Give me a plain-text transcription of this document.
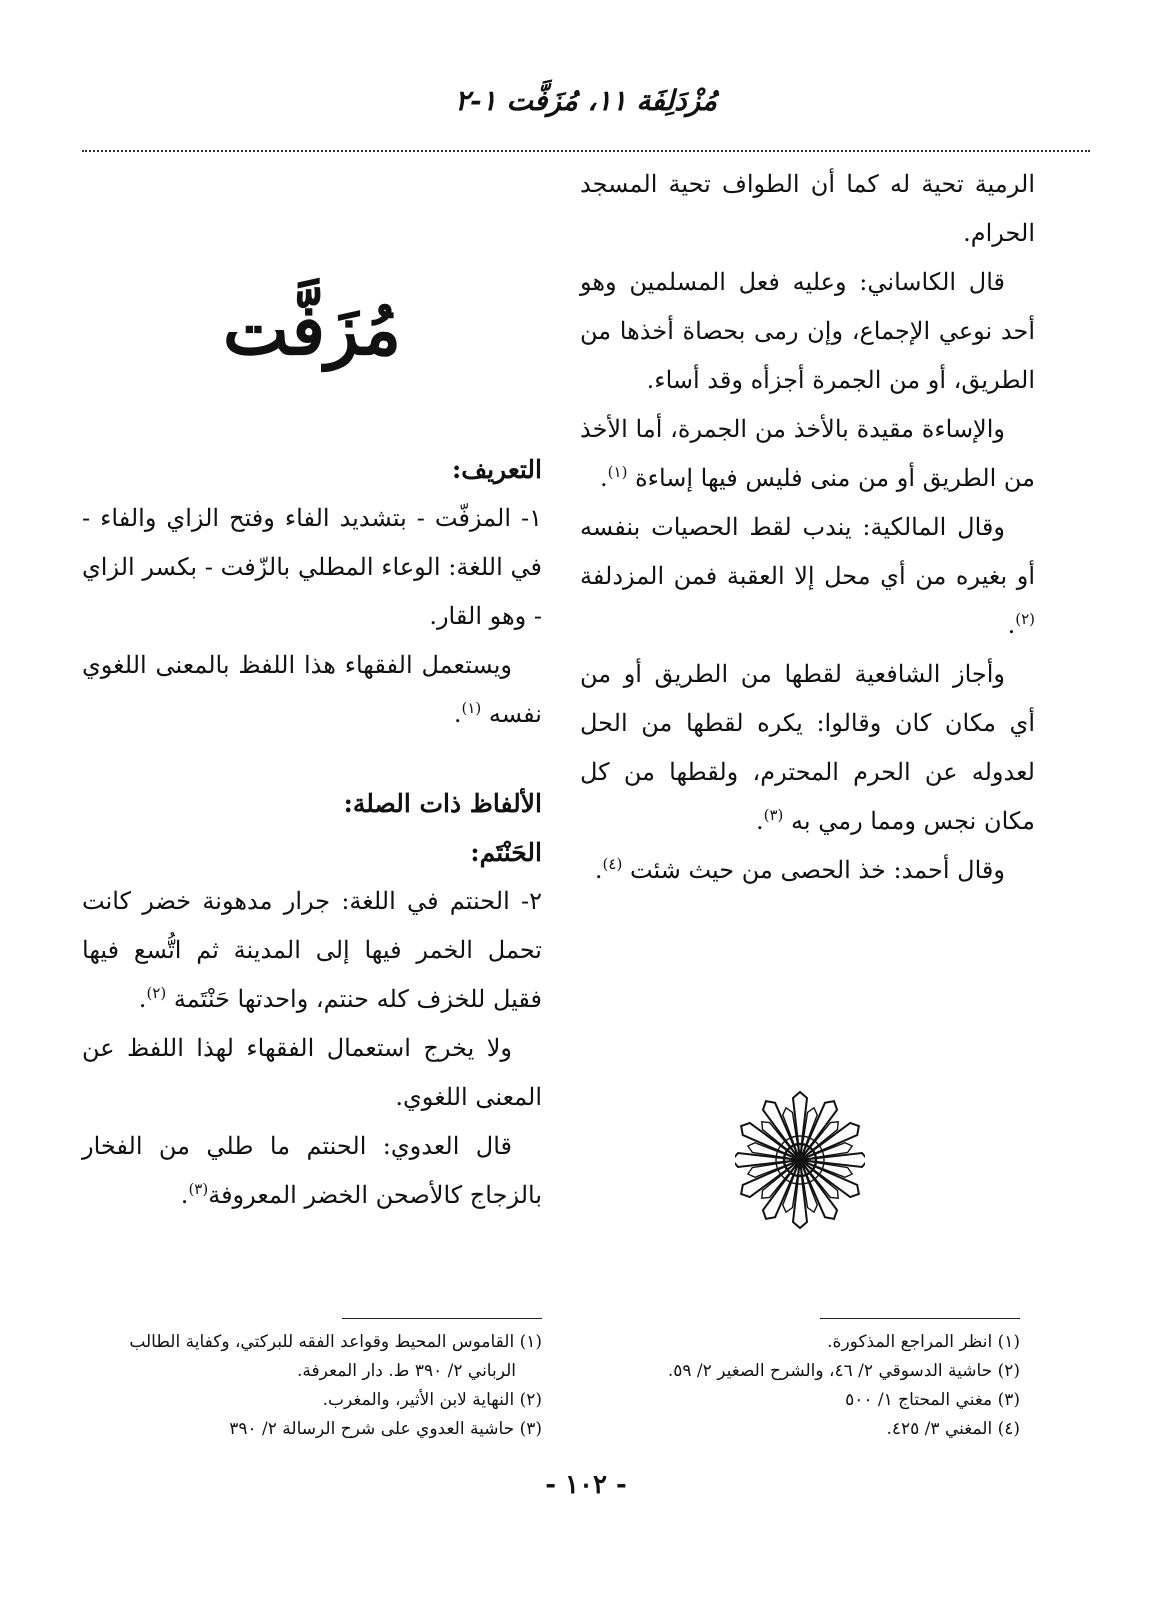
مُزْدَلِفَة ١١، مُزَفَّت ١-٢

الرمية تحية له كما أن الطواف تحية المسجد الحرام.

قال الكاساني: وعليه فعل المسلمين وهو أحد نوعي الإجماع، وإن رمى بحصاة أخذها من الطريق، أو من الجمرة أجزأه وقد أساء.

والإساءة مقيدة بالأخذ من الجمرة، أما الأخذ من الطريق أو من منى فليس فيها إساءة $^{(١)}$.

وقال المالكية: يندب لقط الحصيات بنفسه أو بغيره من أي محل إلا العقبة فمن المزدلفة $^{(٢)}$.

وأجاز الشافعية لقطها من الطريق أو من أي مكان كان وقالوا: يكره لقطها من الحل لعدوله عن الحرم المحترم، ولقطها من كل مكان نجس ومما رمي به $^{(٣)}$.

وقال أحمد: خذ الحصى من حيث شئت $^{(٤)}$.

مُزَفَّت

التعريف:

١- المزفّت - بتشديد الفاء وفتح الزاي والفاء - في اللغة: الوعاء المطلي بالزّفت - بكسر الزاي - وهو القار.

ويستعمل الفقهاء هذا اللفظ بالمعنى اللغوي نفسه $^{(١)}$.

الألفاظ ذات الصلة:

الحَنْتَم:

٢- الحنتم في اللغة: جرار مدهونة خضر كانت تحمل الخمر فيها إلى المدينة ثم اتُّسع فيها فقيل للخزف كله حنتم، واحدتها حَنْتَمة $^{(٢)}$.

ولا يخرج استعمال الفقهاء لهذا اللفظ عن المعنى اللغوي.

قال العدوي: الحنتم ما طلي من الفخار بالزجاج كالأصحن الخضر المعروفة$^{(٣)}$.

(١) انظر المراجع المذكورة.

(٢) حاشية الدسوقي ٢/ ٤٦، والشرح الصغير ٢/ ٥٩.

(٣) مغني المحتاج ١/ ٥٠٠

(٤) المغني ٣/ ٤٢٥.

(١) القاموس المحيط وقواعد الفقه للبركتي، وكفاية الطالب

الرباني ٢/ ٣٩٠ ط. دار المعرفة.

(٢) النهاية لابن الأثير، والمغرب.

(٣) حاشية العدوي على شرح الرسالة ٢/ ٣٩٠

- ١٠٢ -
